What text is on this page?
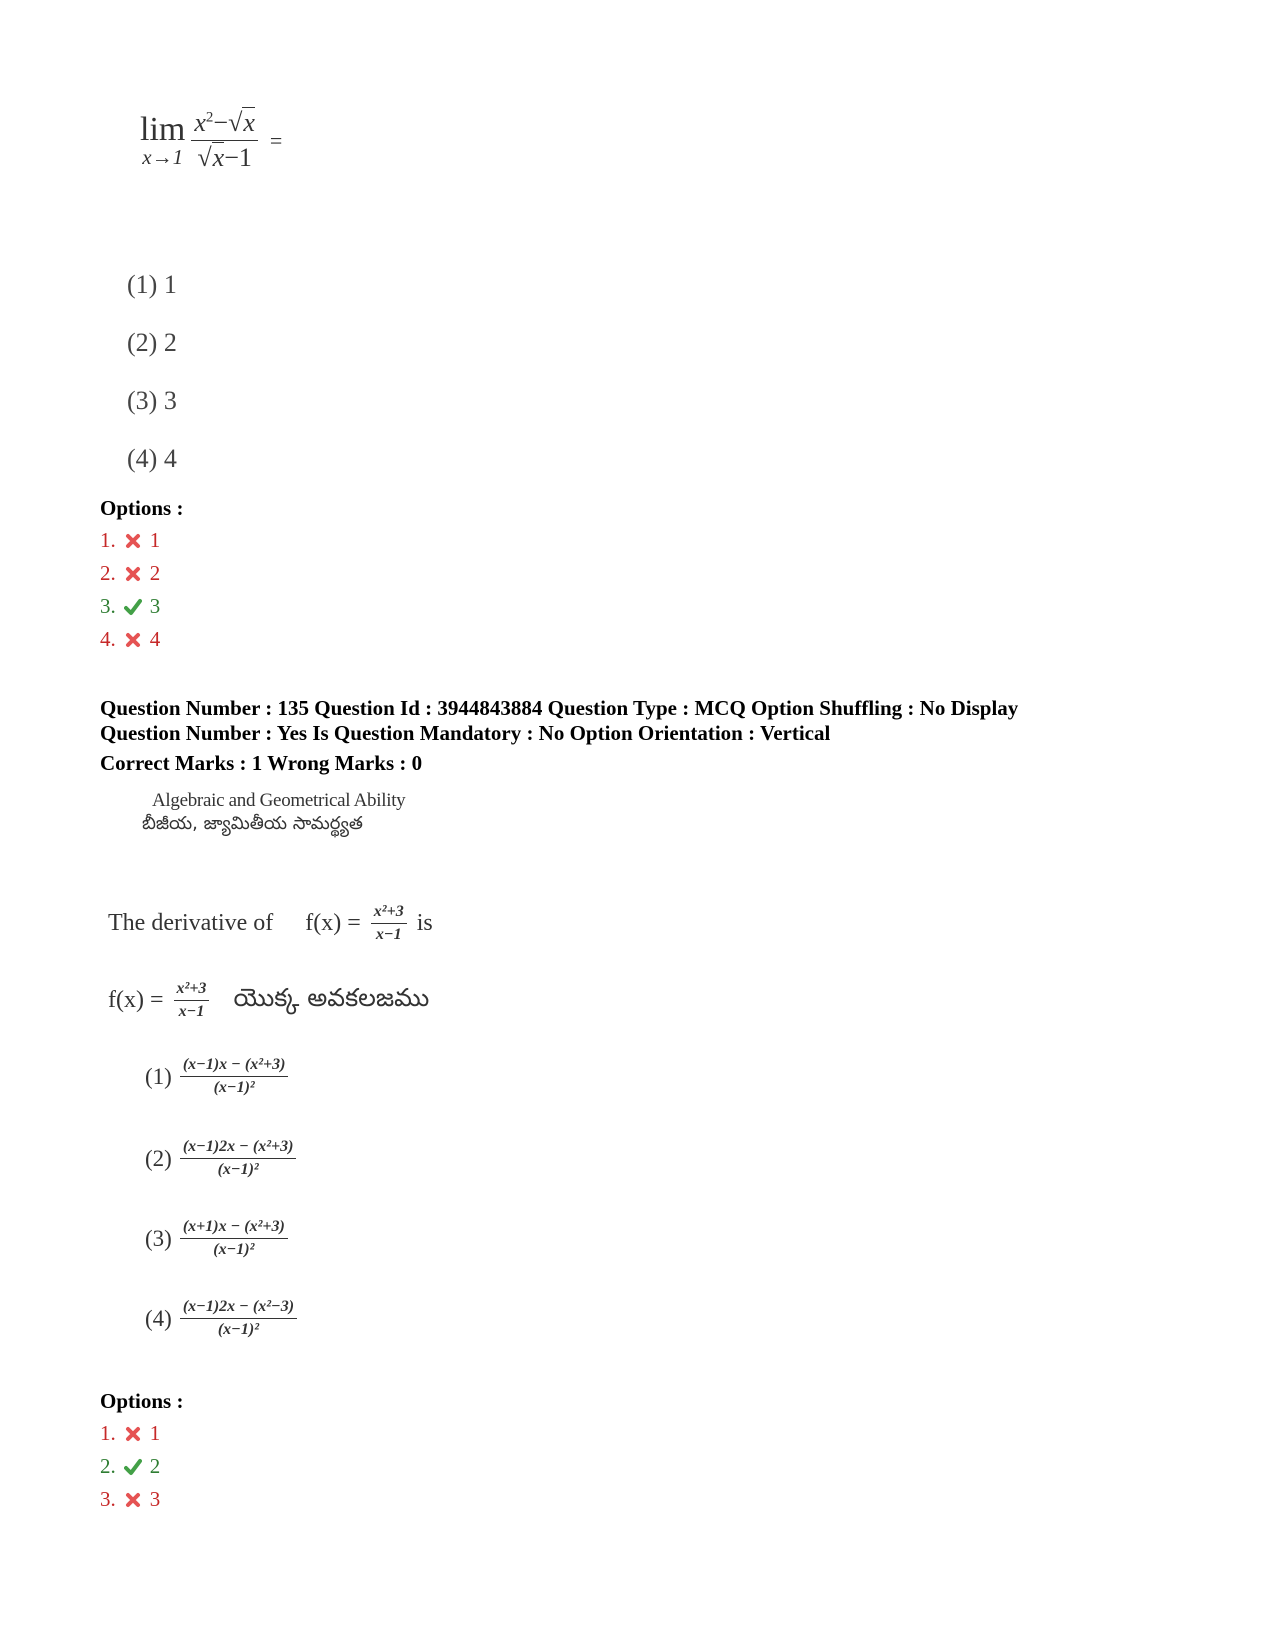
lim
$x\to 1 \frac{x^2-√x}{√x-1}$ =
(1) 1
(2) 2
(3) 3
(4) 4
Options :
1. 1
2. 2
3. 3
4. 4
Question Number : 135 Question Id : 3944843884 Question Type : MCQ Option Shuffling : No Display
Question Number : Yes Is Question Mandatory : No Option Orientation : Vertical
Correct Marks : 1 Wrong Marks : 0
Algebraic and Geometrical Ability
బీజీయ, జ్యామితీయ సామర్థ్యత
The derivative of $f(x) = \frac{\text{x²+3}}{x-1}$ is
$f(x) = \frac{\text{x²+3}}{x-1}$ యొక్క అవకలజము
$(1) \frac{\text{(x−1)x − (x²+3)}}{\text{(x−1)²}}$
$(2) \frac{\text{(x−1)2x − (x²+3)}}{\text{(x−1)²}}$
$(3) \frac{\text{(x+1)x − (x²+3)}}{\text{(x−1)²}}$
$(4) \frac{\text{(x−1)2x − (x²−3)}}{\text{(x−1)²}}$
Options :
1. 1
2. 2
3. 3
